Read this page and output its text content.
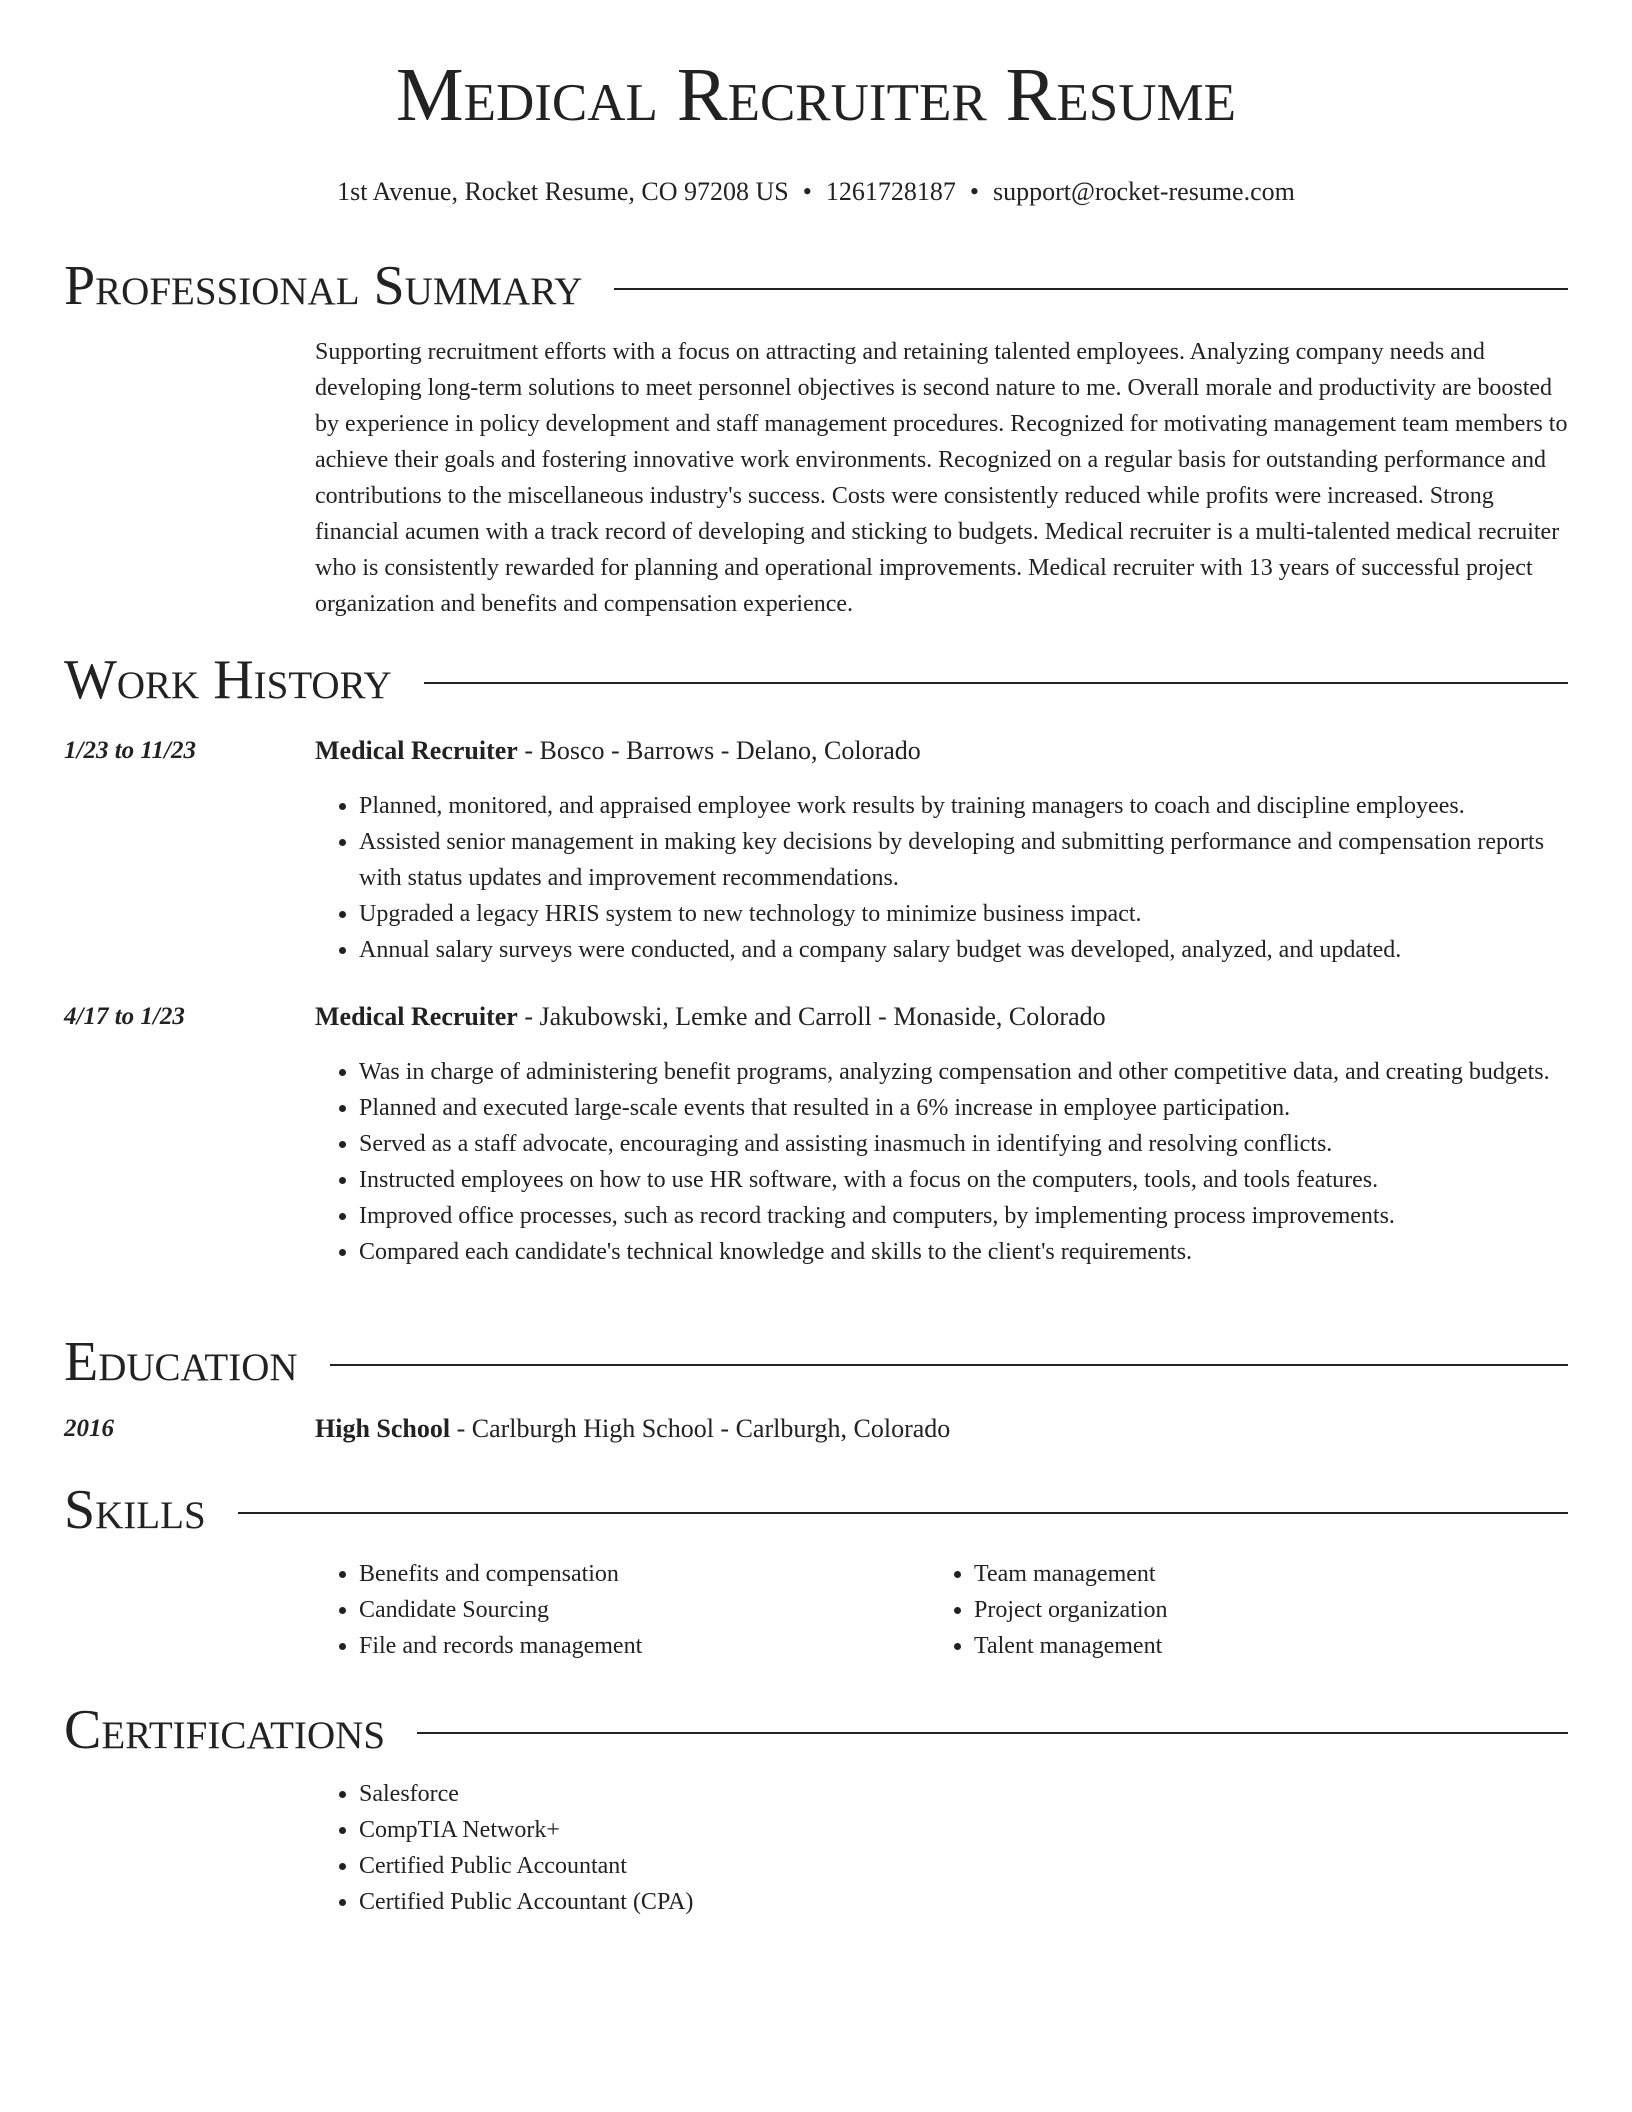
Medical Recruiter Resume
1st Avenue, Rocket Resume, CO 97208 US • 1261728187 • support@rocket-resume.com
Professional Summary
Supporting recruitment efforts with a focus on attracting and retaining talented employees. Analyzing company needs and developing long-term solutions to meet personnel objectives is second nature to me. Overall morale and productivity are boosted by experience in policy development and staff management procedures. Recognized for motivating management team members to achieve their goals and fostering innovative work environments. Recognized on a regular basis for outstanding performance and contributions to the miscellaneous industry's success. Costs were consistently reduced while profits were increased. Strong financial acumen with a track record of developing and sticking to budgets. Medical recruiter is a multi-talented medical recruiter who is consistently rewarded for planning and operational improvements. Medical recruiter with 13 years of successful project organization and benefits and compensation experience.
Work History
1/23 to 11/23	Medical Recruiter - Bosco - Barrows - Delano, Colorado
• Planned, monitored, and appraised employee work results by training managers to coach and discipline employees.
• Assisted senior management in making key decisions by developing and submitting performance and compensation reports with status updates and improvement recommendations.
• Upgraded a legacy HRIS system to new technology to minimize business impact.
• Annual salary surveys were conducted, and a company salary budget was developed, analyzed, and updated.
4/17 to 1/23	Medical Recruiter - Jakubowski, Lemke and Carroll - Monaside, Colorado
• Was in charge of administering benefit programs, analyzing compensation and other competitive data, and creating budgets.
• Planned and executed large-scale events that resulted in a 6% increase in employee participation.
• Served as a staff advocate, encouraging and assisting inasmuch in identifying and resolving conflicts.
• Instructed employees on how to use HR software, with a focus on the computers, tools, and tools features.
• Improved office processes, such as record tracking and computers, by implementing process improvements.
• Compared each candidate's technical knowledge and skills to the client's requirements.
Education
2016	High School - Carlburgh High School - Carlburgh, Colorado
Skills
• Benefits and compensation
• Candidate Sourcing
• File and records management
• Team management
• Project organization
• Talent management
Certifications
• Salesforce
• CompTIA Network+
• Certified Public Accountant
• Certified Public Accountant (CPA)
